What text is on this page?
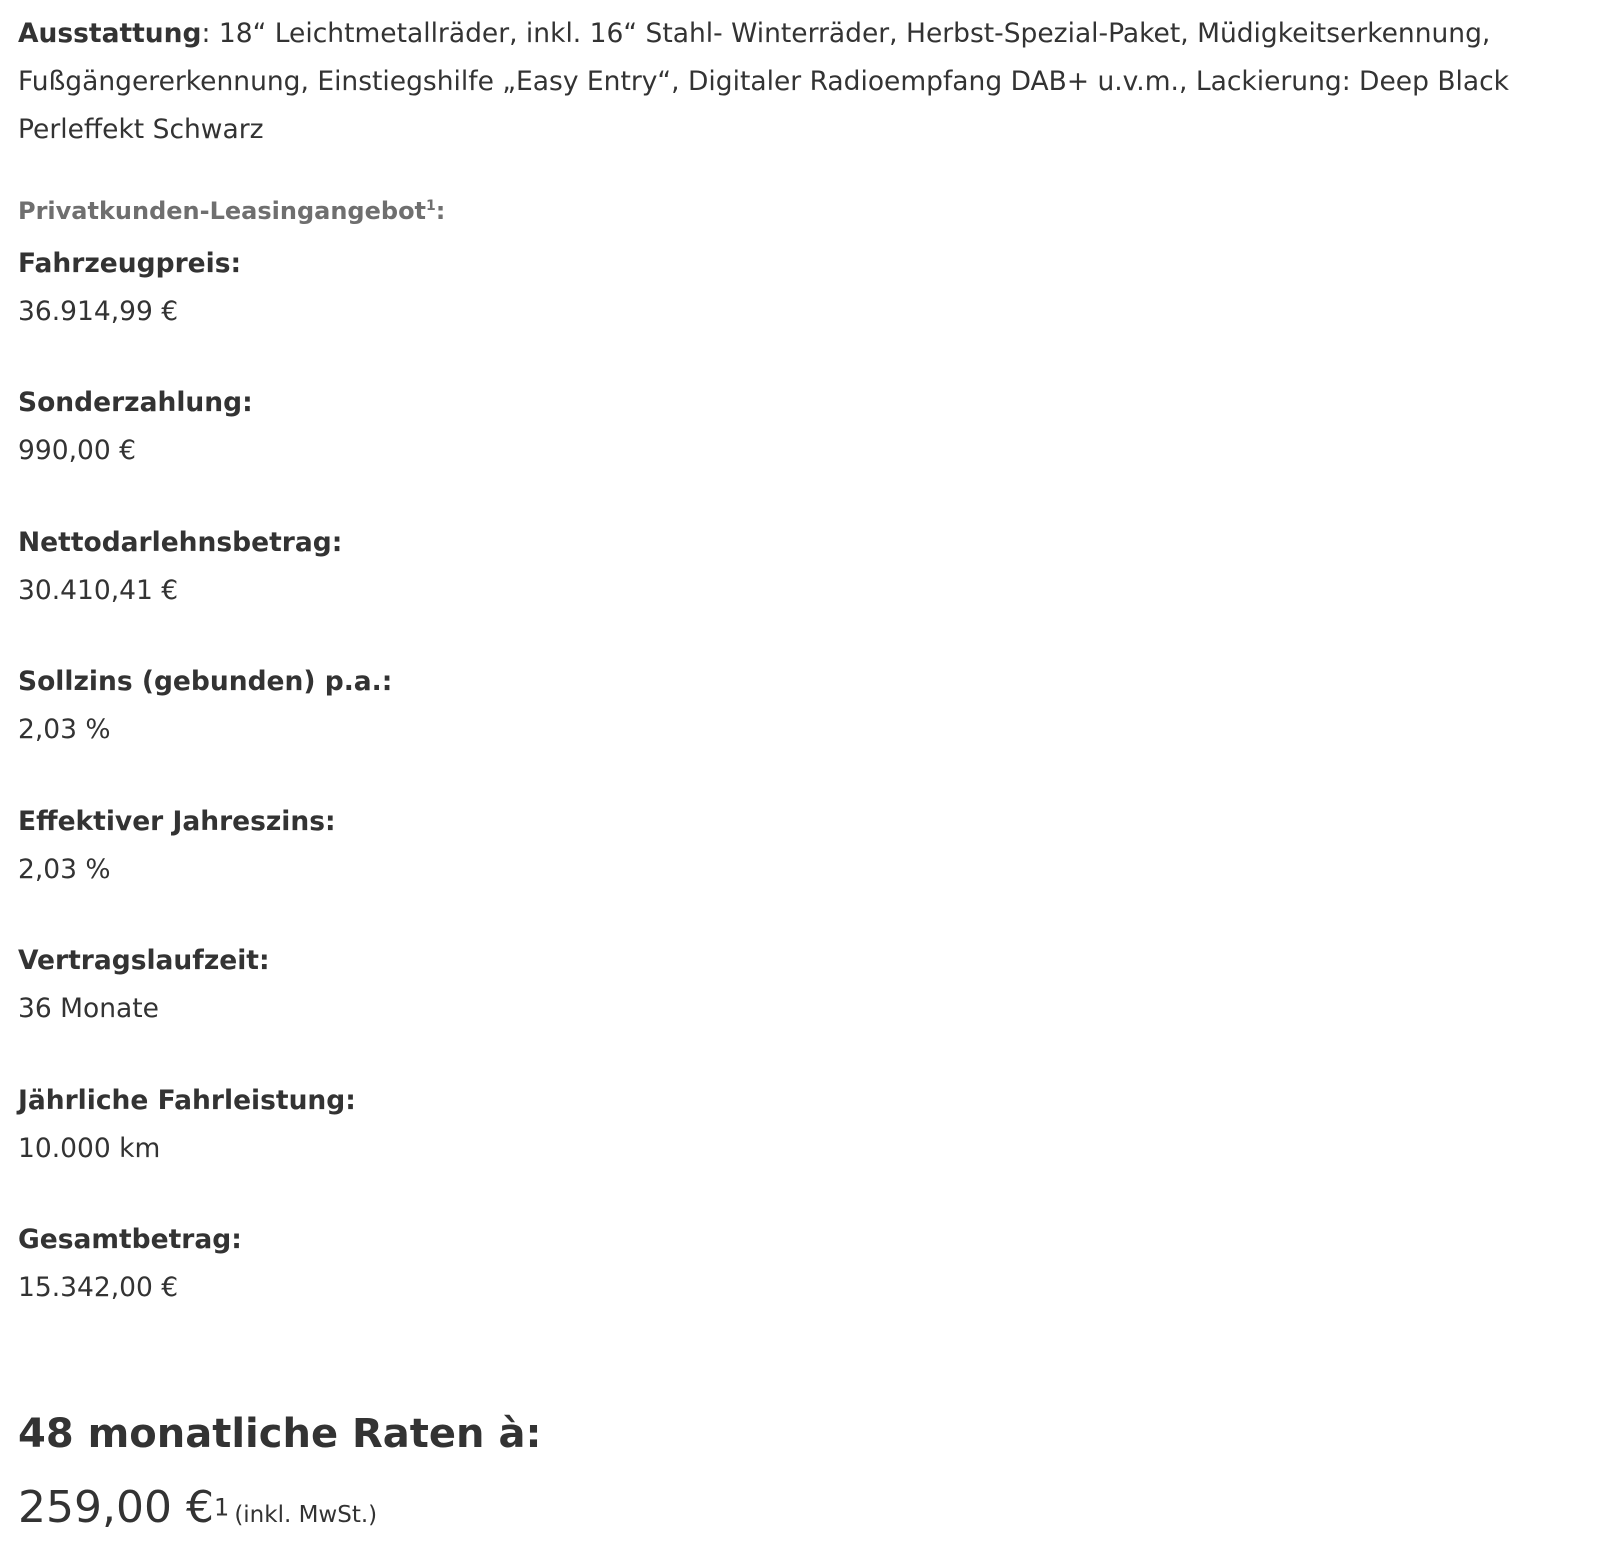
Ausstattung: 18“ Leichtmetallräder, inkl. 16“ Stahl- Winterräder, Herbst-Spezial-Paket, Müdigkeitserkennung, Fußgängererkennung, Einstiegshilfe „Easy Entry“, Digitaler Radioempfang DAB+ u.v.m., Lackierung: Deep Black Perleffekt Schwarz

Privatkunden-Leasingangebot$^1$:
Fahrzeugpreis:
36.914,99 €
Sonderzahlung:
990,00 €
Nettodarlehnsbetrag:
30.410,41 €
Sollzins (gebunden) p.a.:
2,03 %
Effektiver Jahreszins:
2,03 %
Vertragslaufzeit:
36 Monate
Jährliche Fahrleistung:
10.000 km
Gesamtbetrag:
15.342,00 €
48 monatliche Raten à:
259,00 €$^1$ (inkl. MwSt.)
